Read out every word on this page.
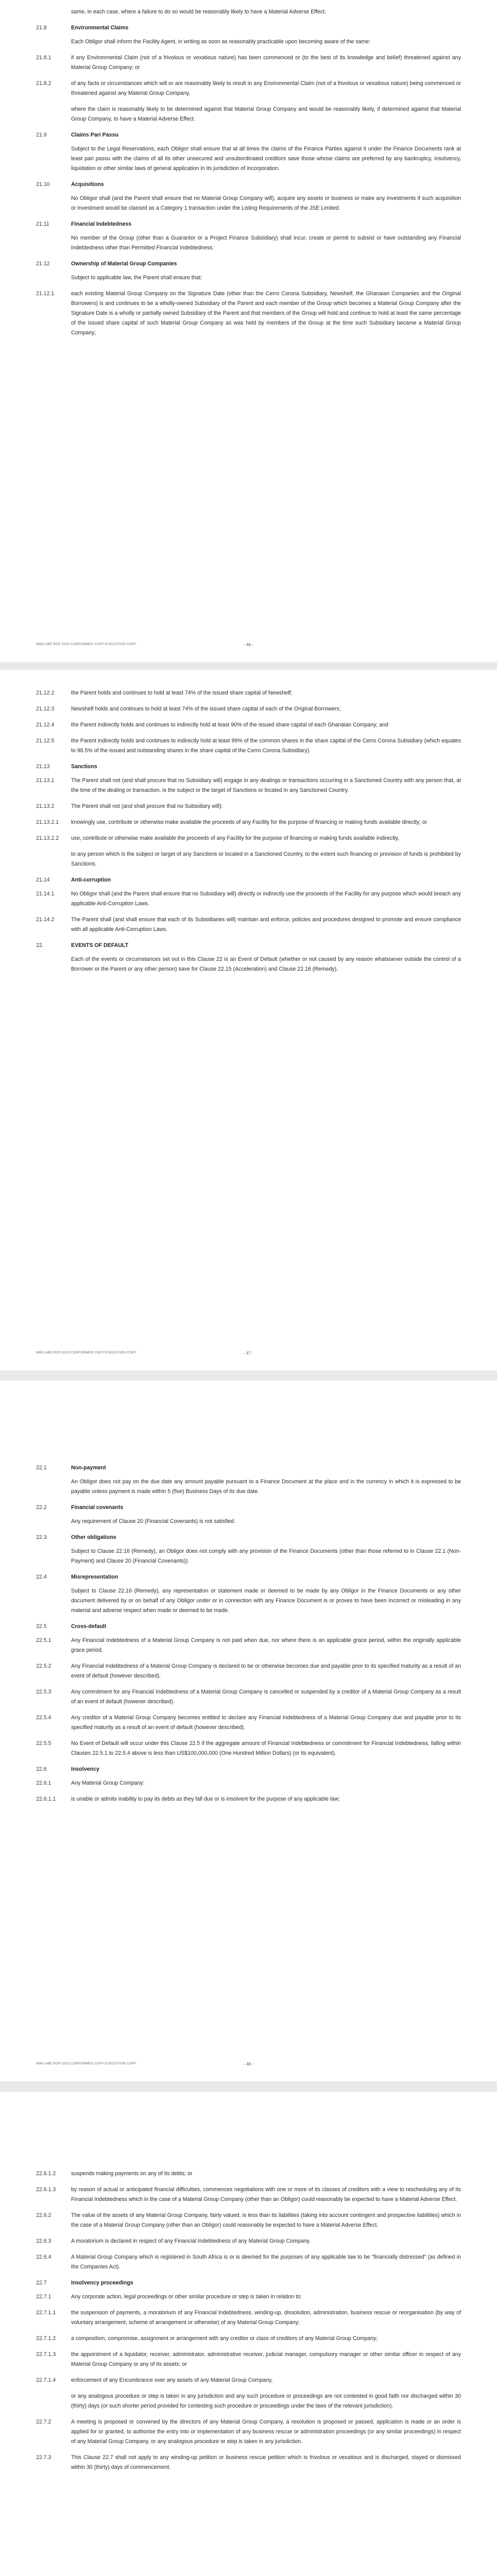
same, in each case, where a failure to do so would be reasonably likely to have a Material Adverse Effect.
21.8	Environmental Claims
Each Obligor shall inform the Facility Agent, in writing as soon as reasonably practicable upon becoming aware of the same:
21.8.1	if any Environmental Claim (not of a frivolous or vexatious nature) has been commenced or (to the best of its knowledge and belief) threatened against any Material Group Company; or
21.8.2	of any facts or circumstances which will or are reasonably likely to result in any Environmental Claim (not of a frivolous or vexatious nature) being commenced or threatened against any Material Group Company,
where the claim is reasonably likely to be determined against that Material Group Company and would be reasonably likely, if determined against that Material Group Company, to have a Material Adverse Effect.
21.9	Claims Pari Passu
Subject to the Legal Reservations, each Obligor shall ensure that at all times the claims of the Finance Parties against it under the Finance Documents rank at least pari passu with the claims of all its other unsecured and unsubordinated creditors save those whose claims are preferred by any bankruptcy, insolvency, liquidation or other similar laws of general application in its jurisdiction of incorporation.
21.10	Acquisitions
No Obligor shall (and the Parent shall ensure that no Material Group Company will), acquire any assets or business or make any investments if such acquisition or investment would be classed as a Category 1 transaction under the Listing Requirements of the JSE Limited.
21.11	Financial Indebtedness
No member of the Group (other than a Guarantor or a Project Finance Subsidiary) shall incur, create or permit to subsist or have outstanding any Financial Indebtedness other than Permitted Financial Indebtedness.
21.12	Ownership of Material Group Companies
Subject to applicable law, the Parent shall ensure that:
21.12.1	each existing Material Group Company on the Signature Date (other than the Cerro Corona Subsidiary, Newshelf, the Ghanaian Companies and the Original Borrowers) is and continues to be a wholly-owned Subsidiary of the Parent and each member of the Group which becomes a Material Group Company after the Signature Date is a wholly or partially owned Subsidiary of the Parent and that members of the Group will hold and continue to hold at least the same percentage of the issued share capital of such Material Group Company as was held by members of the Group at the time such Subsidiary became a Material Group Company;
NMG:ABE:RCP:2022:CONFORMED COPY:EXECUTION COPY	- 46 -
21.12.2	the Parent holds and continues to hold at least 74% of the issued share capital of Newshelf;
21.12.3	Newshelf holds and continues to hold at least 74% of the issued share capital of each of the Original Borrowers;
21.12.4	the Parent indirectly holds and continues to indirectly hold at least 90% of the issued share capital of each Ghanaian Company; and
21.12.5	the Parent indirectly holds and continues to indirectly hold at least 99% of the common shares in the share capital of the Cerro Corona Subsidiary (which equates to 98.5% of the issued and outstanding shares in the share capital of the Cerro Corona Subsidiary).
21.13	Sanctions
21.13.1	The Parent shall not (and shall procure that no Subsidiary will) engage in any dealings or transactions occurring in a Sanctioned Country with any person that, at the time of the dealing or transaction, is the subject or the target of Sanctions or located in any Sanctioned Country.
21.13.2	The Parent shall not (and shall procure that no Subsidiary will):
21.13.2.1	knowingly use, contribute or otherwise make available the proceeds of any Facility for the purpose of financing or making funds available directly; or
21.13.2.2	use, contribute or otherwise make available the proceeds of any Facility for the purpose of financing or making funds available indirectly,
to any person which is the subject or target of any Sanctions or located in a Sanctioned Country, to the extent such financing or provision of funds is prohibited by Sanctions.
21.14	Anti-corruption
21.14.1	No Obligor shall (and the Parent shall ensure that no Subsidiary will) directly or indirectly use the proceeds of the Facility for any purpose which would breach any applicable Anti-Corruption Laws.
21.14.2	The Parent shall (and shall ensure that each of its Subsidiaries will) maintain and enforce, policies and procedures designed to promote and ensure compliance with all applicable Anti-Corruption Laws.
22.	EVENTS OF DEFAULT
Each of the events or circumstances set out in this Clause 22 is an Event of Default (whether or not caused by any reason whatsoever outside the control of a Borrower or the Parent or any other person) save for Clause 22.15 (Acceleration) and Clause 22.16 (Remedy).
NMG:ABE:RCP:2022:CONFORMED COPY:EXECUTION COPY	- 47 -
22.1	Non-payment
An Obligor does not pay on the due date any amount payable pursuant to a Finance Document at the place and in the currency in which it is expressed to be payable unless payment is made within 5 (five) Business Days of its due date.
22.2	Financial covenants
Any requirement of Clause 20 (Financial Covenants) is not satisfied.
22.3	Other obligations
Subject to Clause 22.16 (Remedy), an Obligor does not comply with any provision of the Finance Documents (other than those referred to in Clause 22.1 (Non-Payment) and Clause 20 (Financial Covenants)).
22.4	Misrepresentation
Subject to Clause 22.16 (Remedy), any representation or statement made or deemed to be made by any Obligor in the Finance Documents or any other document delivered by or on behalf of any Obligor under or in connection with any Finance Document is or proves to have been incorrect or misleading in any material and adverse respect when made or deemed to be made.
22.5	Cross-default
22.5.1	Any Financial Indebtedness of a Material Group Company is not paid when due, nor where there is an applicable grace period, within the originally applicable grace period.
22.5.2	Any Financial Indebtedness of a Material Group Company is declared to be or otherwise becomes due and payable prior to its specified maturity as a result of an event of default (however described).
22.5.3	Any commitment for any Financial Indebtedness of a Material Group Company is cancelled or suspended by a creditor of a Material Group Company as a result of an event of default (however described).
22.5.4	Any creditor of a Material Group Company becomes entitled to declare any Financial Indebtedness of a Material Group Company due and payable prior to its specified maturity as a result of an event of default (however described).
22.5.5	No Event of Default will occur under this Clause 22.5 if the aggregate amount of Financial Indebtedness or commitment for Financial Indebtedness, falling within Clauses 22.5.1 to 22.5.4 above is less than US$100,000,000 (One Hundred Million Dollars) (or its equivalent).
22.6	Insolvency
22.6.1	Any Material Group Company:
22.6.1.1	is unable or admits inability to pay its debts as they fall due or is insolvent for the purpose of any applicable law;
NMG:ABE:RCP:2022:CONFORMED COPY:EXECUTION COPY	- 48 -
22.6.1.2	suspends making payments on any of its debts; or
22.6.1.3	by reason of actual or anticipated financial difficulties, commences negotiations with one or more of its classes of creditors with a view to rescheduling any of its Financial Indebtedness which in the case of a Material Group Company (other than an Obligor) could reasonably be expected to have a Material Adverse Effect.
22.6.2	The value of the assets of any Material Group Company, fairly valued, is less than its liabilities (taking into account contingent and prospective liabilities) which in the case of a Material Group Company (other than an Obligor) could reasonably be expected to have a Material Adverse Effect.
22.6.3	A moratorium is declared in respect of any Financial Indebtedness of any Material Group Company.
22.6.4	A Material Group Company which is registered in South Africa is or is deemed for the purposes of any applicable law to be "financially distressed" (as defined in the Companies Act).
22.7	Insolvency proceedings
22.7.1	Any corporate action, legal proceedings or other similar procedure or step is taken in relation to:
22.7.1.1	the suspension of payments, a moratorium of any Financial Indebtedness, winding-up, dissolution, administration, business rescue or reorganisation (by way of voluntary arrangement, scheme of arrangement or otherwise) of any Material Group Company;
22.7.1.2	a composition, compromise, assignment or arrangement with any creditor or class of creditors of any Material Group Company;
22.7.1.3	the appointment of a liquidator, receiver, administrator, administrative receiver, judicial manager, compulsory manager or other similar officer in respect of any Material Group Company or any of its assets; or
22.7.1.4	enforcement of any Encumbrance over any assets of any Material Group Company,
or any analogous procedure or step is taken in any jurisdiction and any such procedure or proceedings are not contested in good faith nor discharged within 30 (thirty) days (or such shorter period provided for contesting such procedure or proceedings under the laws of the relevant jurisdiction).
22.7.2	A meeting is proposed or convened by the directors of any Material Group Company, a resolution is proposed or passed, application is made or an order is applied for or granted, to authorise the entry into or implementation of any business rescue or administration proceedings (or any similar proceedings) in respect of any Material Group Company, or any analogous procedure or step is taken in any jurisdiction.
22.7.3	This Clause 22.7 shall not apply to any winding-up petition or business rescue petition which is frivolous or vexatious and is discharged, stayed or dismissed within 30 (thirty) days of commencement.
